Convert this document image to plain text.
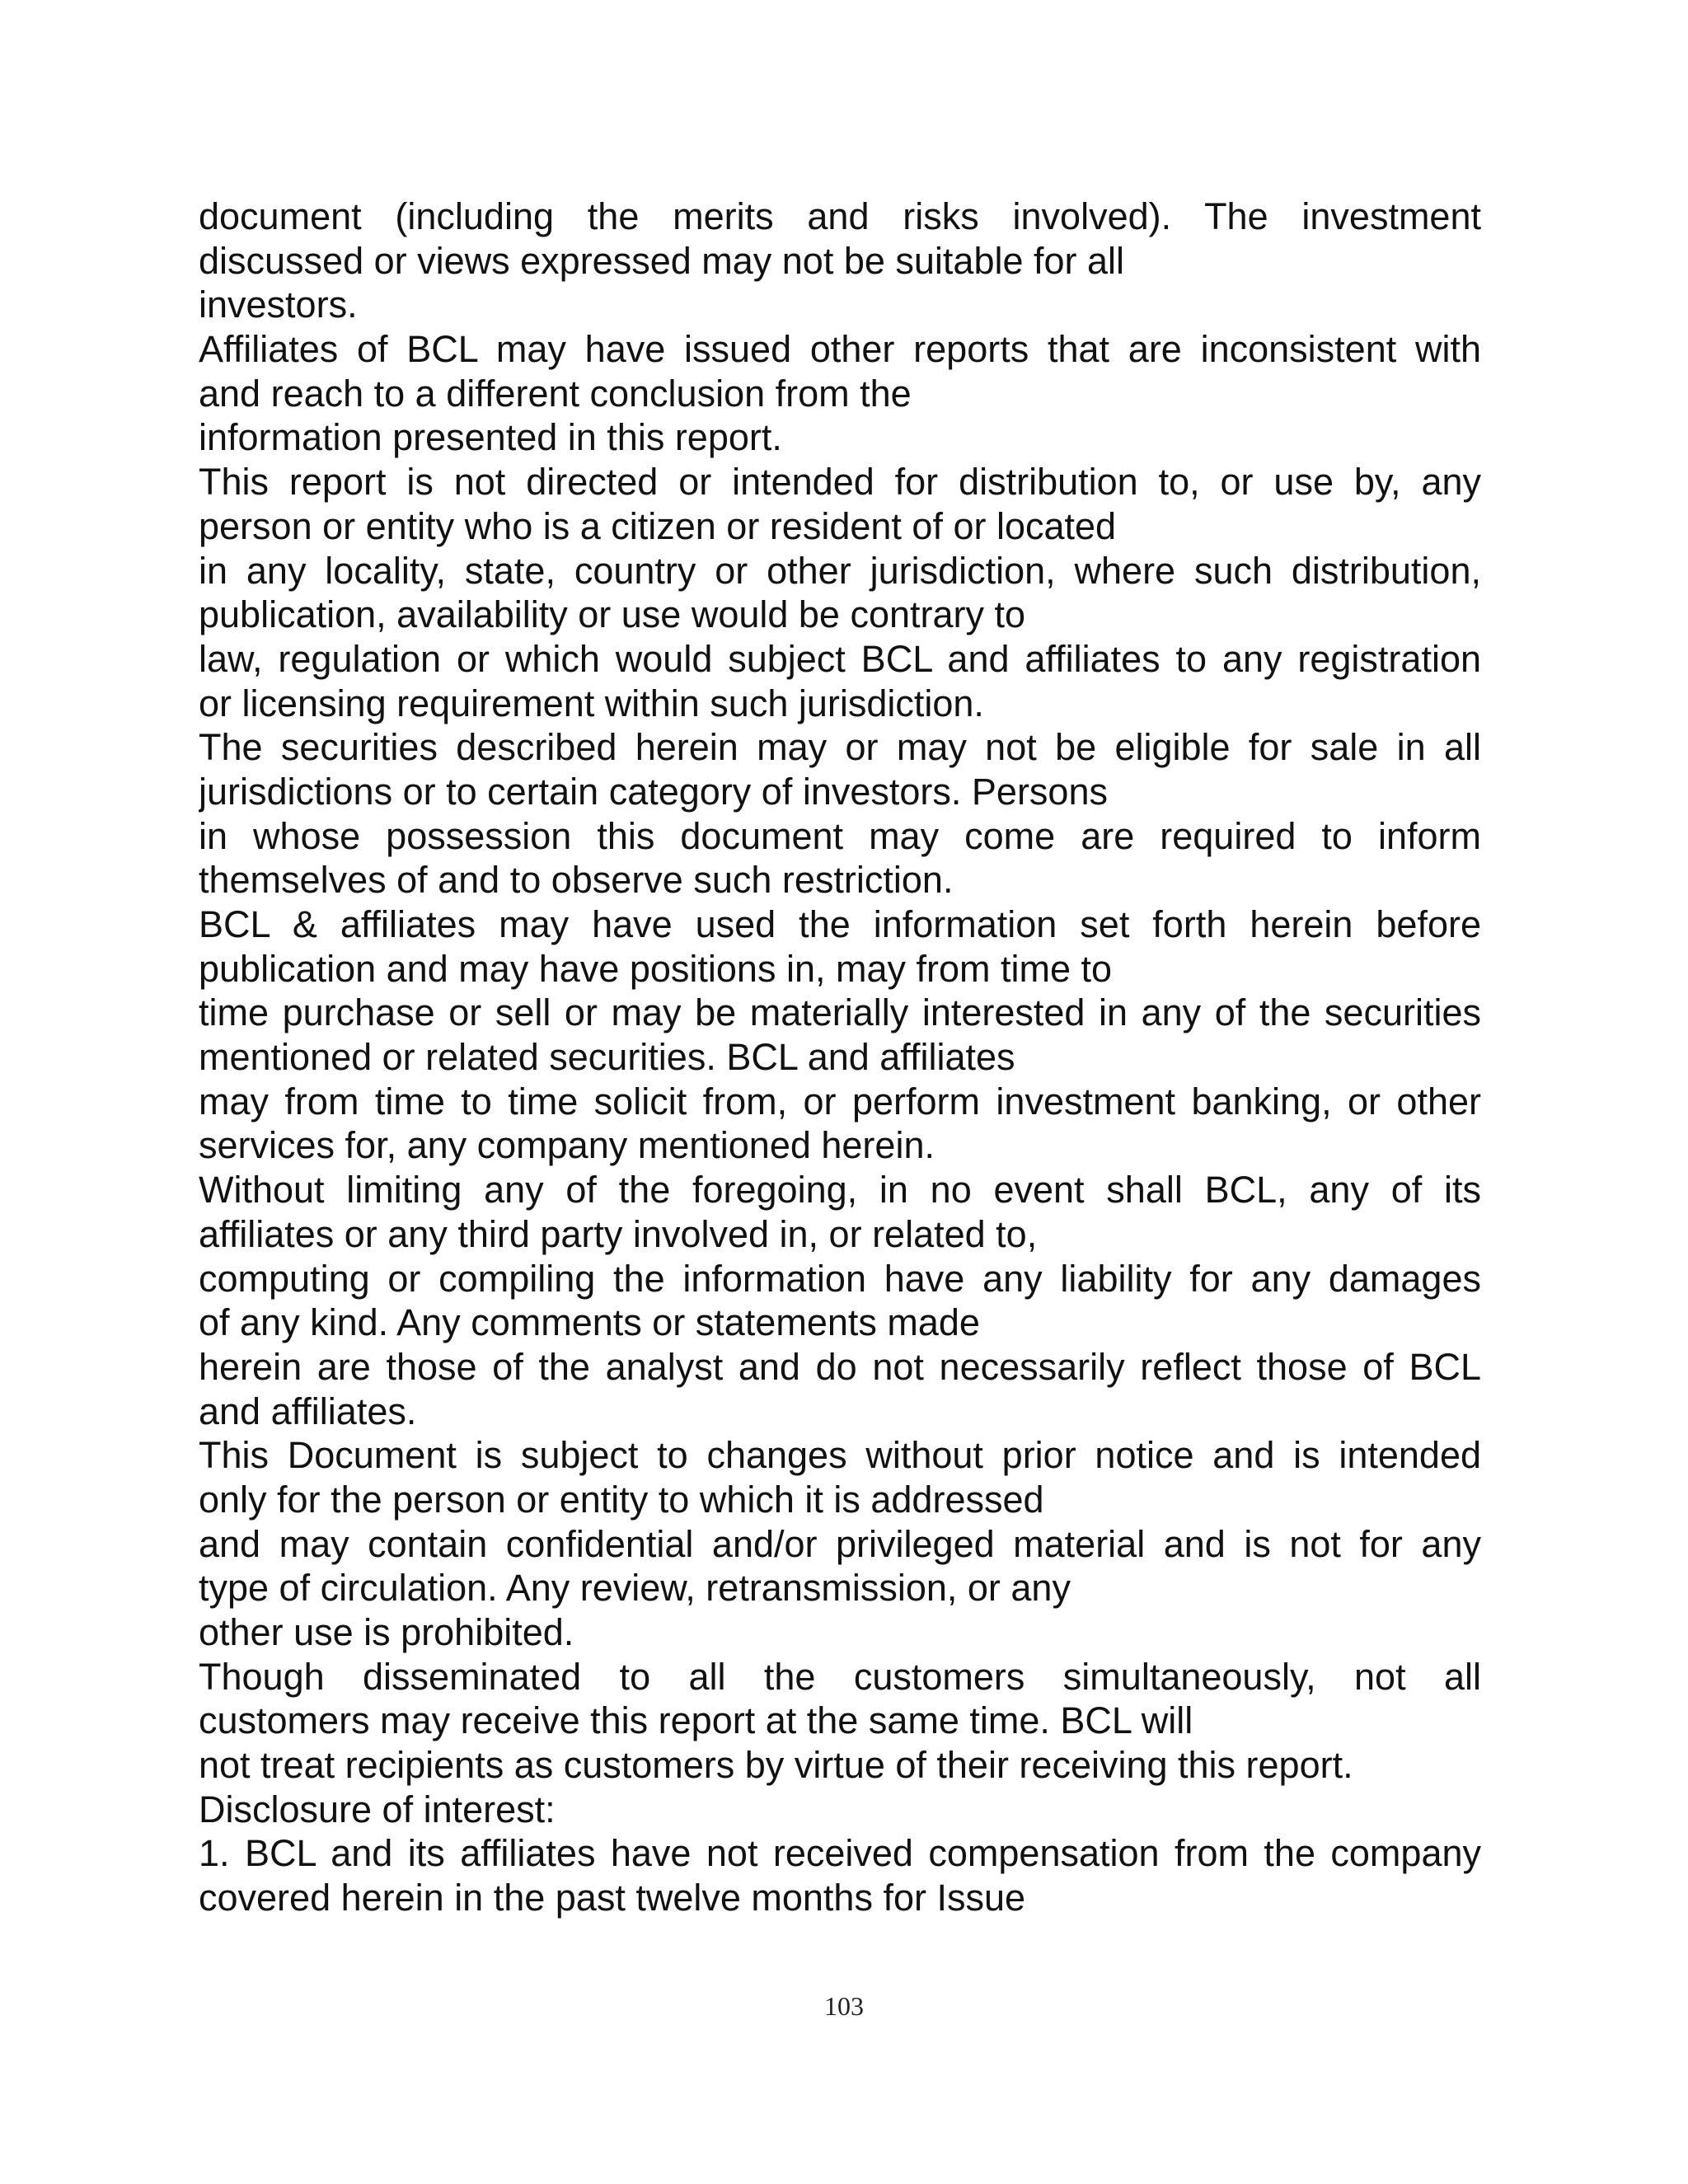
document (including the merits and risks involved). The investment
discussed or views expressed may not be suitable for all
investors.
Affiliates of BCL may have issued other reports that are inconsistent with
and reach to a different conclusion from the
information presented in this report.
This report is not directed or intended for distribution to, or use by, any
person or entity who is a citizen or resident of or located
in any locality, state, country or other jurisdiction, where such distribution,
publication, availability or use would be contrary to
law, regulation or which would subject BCL and affiliates to any registration
or licensing requirement within such jurisdiction.
The securities described herein may or may not be eligible for sale in all
jurisdictions or to certain category of investors. Persons
in whose possession this document may come are required to inform
themselves of and to observe such restriction.
BCL & affiliates may have used the information set forth herein before
publication and may have positions in, may from time to
time purchase or sell or may be materially interested in any of the securities
mentioned or related securities. BCL and affiliates
may from time to time solicit from, or perform investment banking, or other
services for, any company mentioned herein.
Without limiting any of the foregoing, in no event shall BCL, any of its
affiliates or any third party involved in, or related to,
computing or compiling the information have any liability for any damages
of any kind. Any comments or statements made
herein are those of the analyst and do not necessarily reflect those of BCL
and affiliates.
This Document is subject to changes without prior notice and is intended
only for the person or entity to which it is addressed
and may contain confidential and/or privileged material and is not for any
type of circulation. Any review, retransmission, or any
other use is prohibited.
Though disseminated to all the customers simultaneously, not all
customers may receive this report at the same time. BCL will
not treat recipients as customers by virtue of their receiving this report.
Disclosure of interest:
1. BCL and its affiliates have not received compensation from the company
covered herein in the past twelve months for Issue
103
